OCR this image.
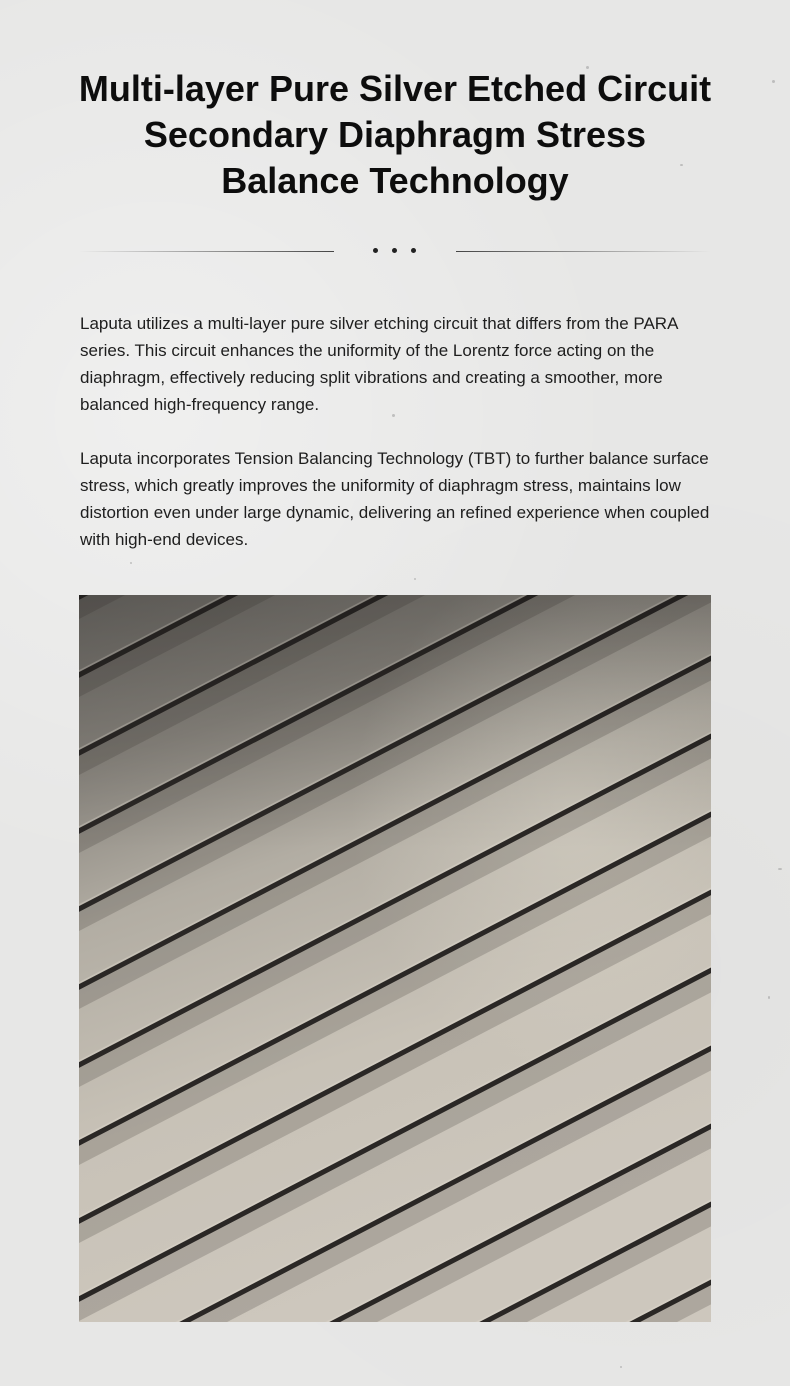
Multi-layer Pure Silver Etched Circuit
Secondary Diaphragm Stress
Balance Technology

Laputa utilizes a multi-layer pure silver etching circuit that differs from the PARA series. This circuit enhances the uniformity of the Lorentz force acting on the diaphragm, effectively reducing split vibrations and creating a smoother, more balanced high-frequency range.

Laputa incorporates Tension Balancing Technology (TBT) to further balance surface stress, which greatly improves the uniformity of diaphragm stress, maintains low distortion even under large dynamic, delivering an refined experience when coupled with high-end devices.
